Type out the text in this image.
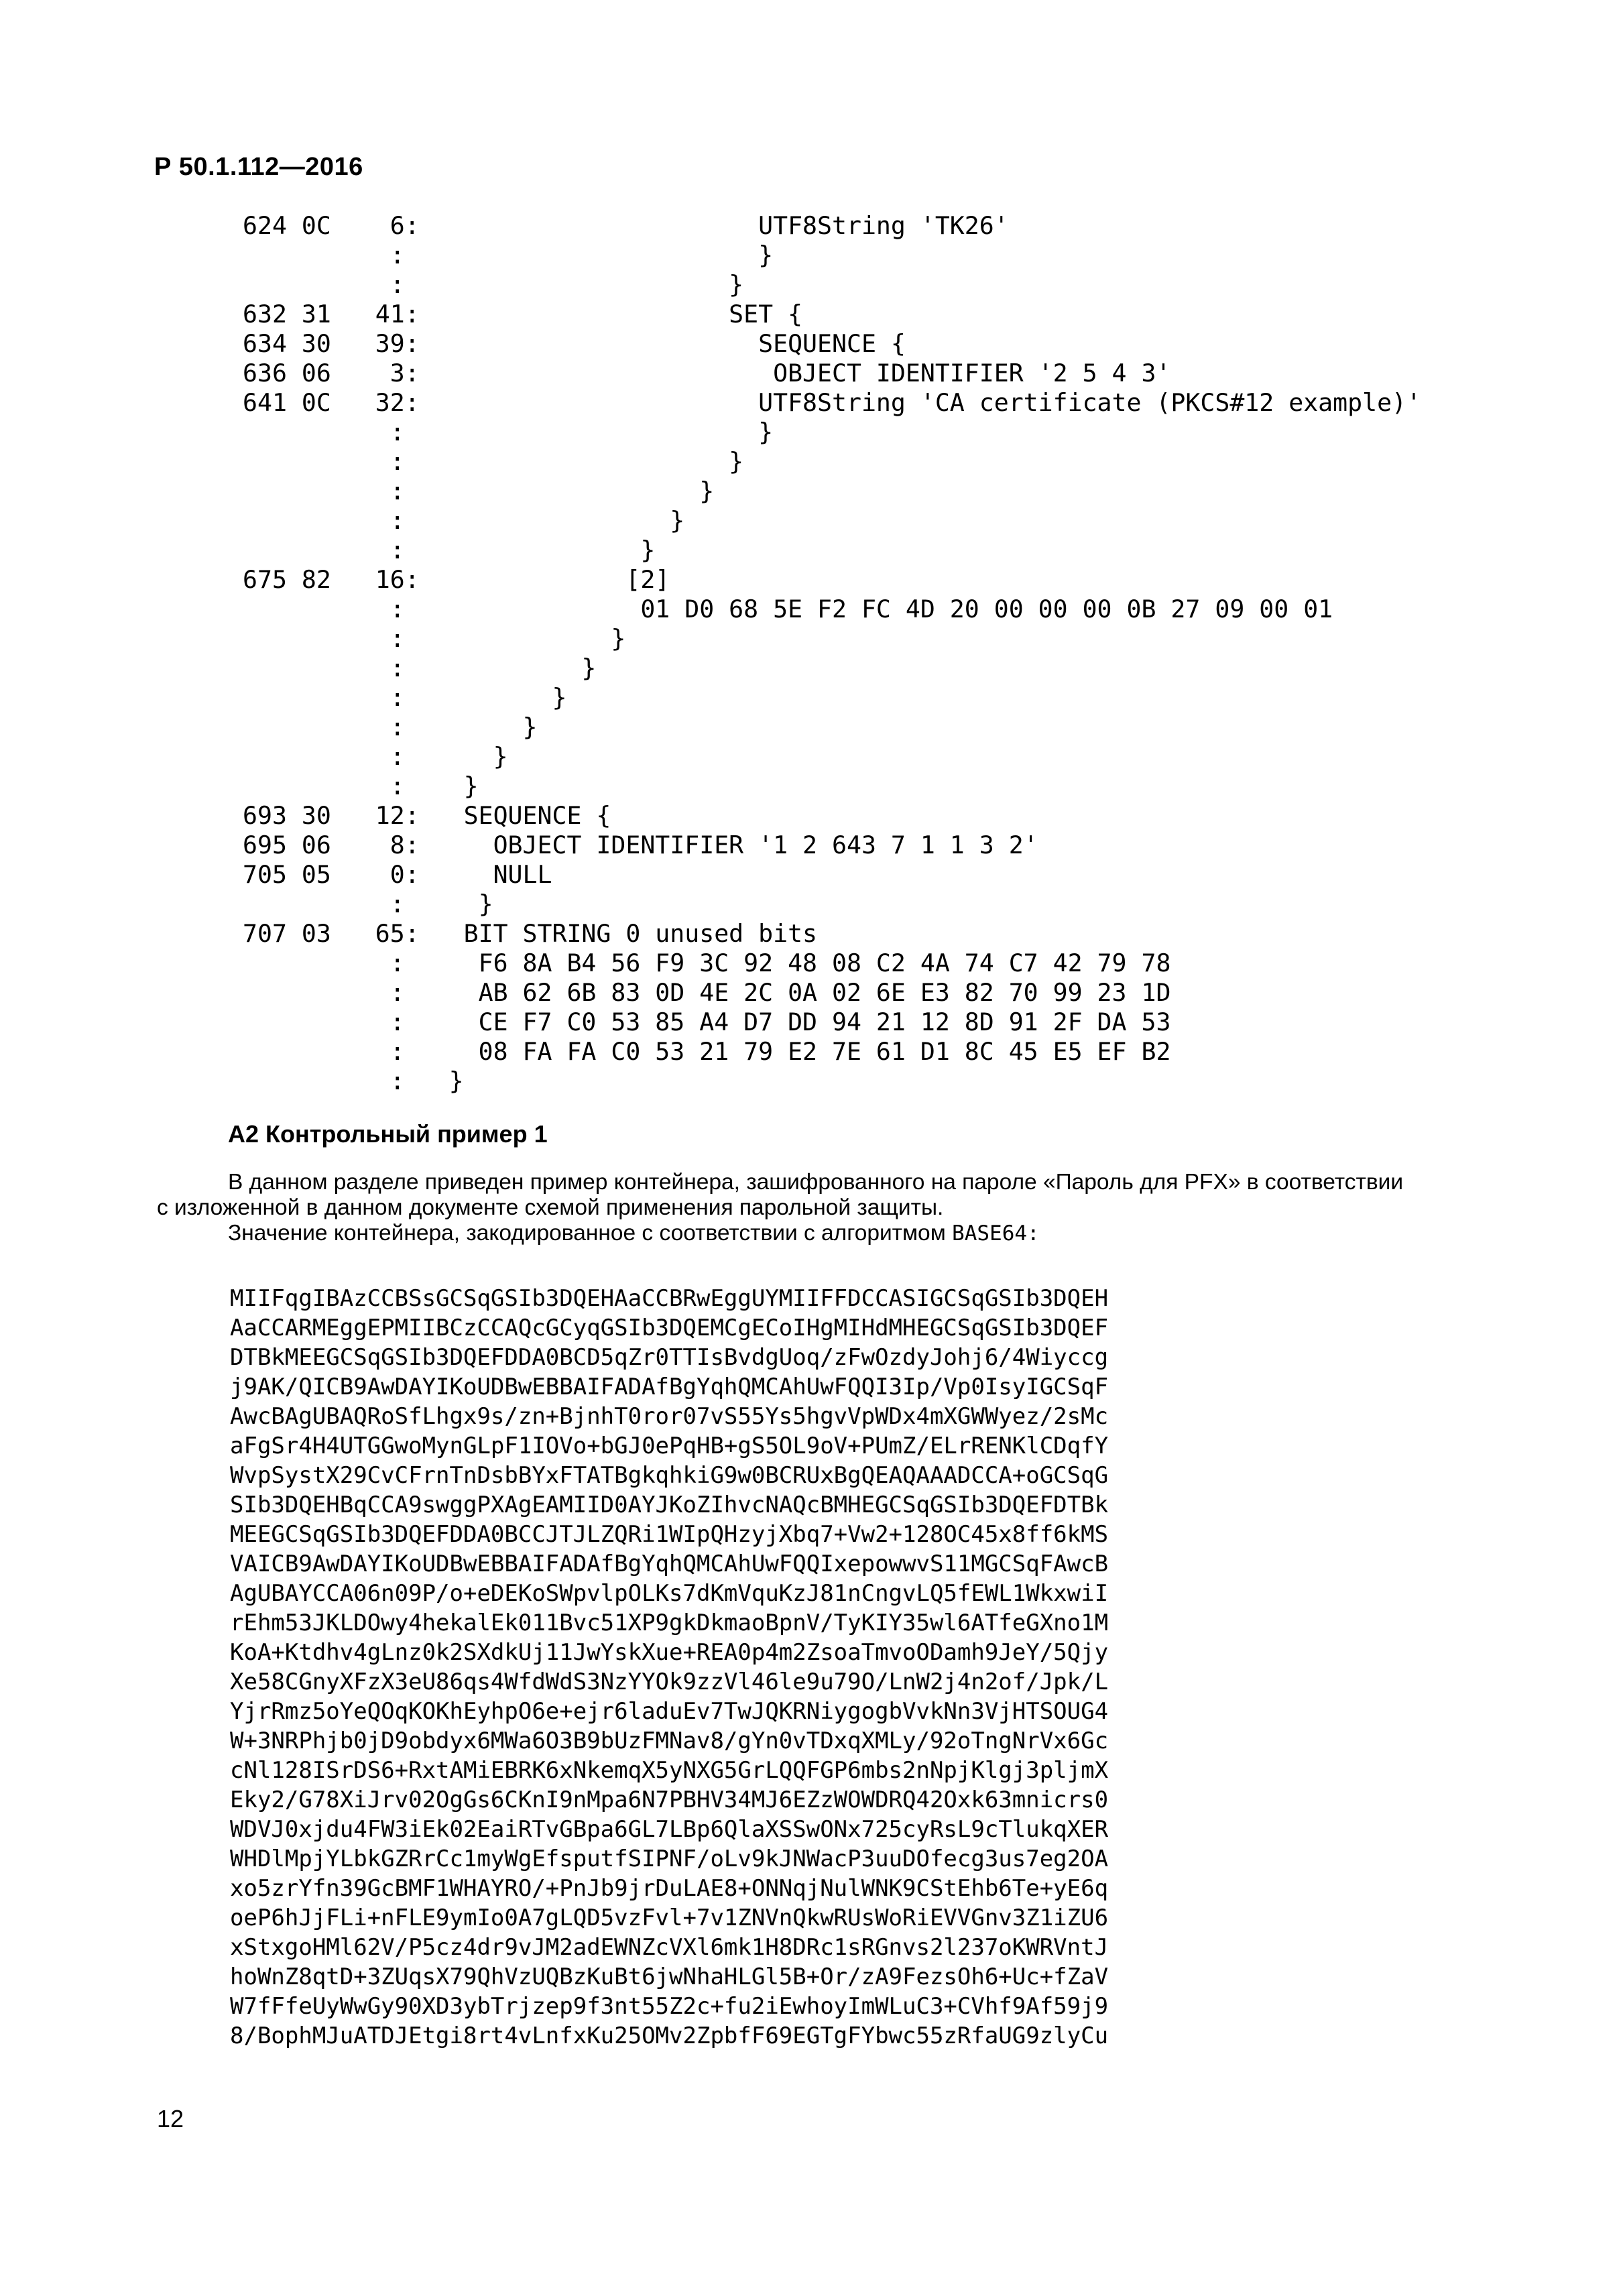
Р 50.1.112—2016
624 0C    6:                       UTF8String 'TK26'
:                        }
:                      }
632 31   41:                     SET {
634 30   39:                       SEQUENCE {
636 06    3:                        OBJECT IDENTIFIER '2 5 4 3'
641 0C   32:                       UTF8String 'CA certificate (PKCS#12 example)'
:                        }
:                      }
:                    }
:                  }
:                }
675 82   16:              [2]
:                01 D0 68 5E F2 FC 4D 20 00 00 00 0B 27 09 00 01
:              }
:            }
:          }
:        }
:      }
:    }
693 30   12:   SEQUENCE {
695 06    8:     OBJECT IDENTIFIER '1 2 643 7 1 1 3 2'
705 05    0:     NULL
:     }
707 03   65:   BIT STRING 0 unused bits
:     F6 8A B4 56 F9 3C 92 48 08 C2 4A 74 C7 42 79 78
:     AB 62 6B 83 0D 4E 2C 0A 02 6E E3 82 70 99 23 1D
:     CE F7 C0 53 85 A4 D7 DD 94 21 12 8D 91 2F DA 53
:     08 FA FA C0 53 21 79 E2 7E 61 D1 8C 45 E5 EF B2
:   }
А2 Контрольный пример 1
В данном разделе приведен пример контейнера, зашифрованного на пароле «Пароль для PFX» в соответствии
с изложенной в данном документе схемой применения парольной защиты.
Значение контейнера, закодированное с соответствии с алгоритмом BASE64:
MIIFqgIBAzCCBSsGCSqGSIb3DQEHAaCCBRwEggUYMIIFFDCCASIGCSqGSIb3DQEH
AaCCARMEggEPMIIBCzCCAQcGCyqGSIb3DQEMCgECoIHgMIHdMHEGCSqGSIb3DQEF
DTBkMEEGCSqGSIb3DQEFDDA0BCD5qZr0TTIsBvdgUoq/zFwOzdyJohj6/4Wiyccg
j9AK/QICB9AwDAYIKoUDBwEBBAIFADAfBgYqhQMCAhUwFQQI3Ip/Vp0IsyIGCSqF
AwcBAgUBAQRoSfLhgx9s/zn+BjnhT0ror07vS55Ys5hgvVpWDx4mXGWWyez/2sMc
aFgSr4H4UTGGwoMynGLpF1IOVo+bGJ0ePqHB+gS5OL9oV+PUmZ/ELrRENKlCDqfY
WvpSystX29CvCFrnTnDsbBYxFTATBgkqhkiG9w0BCRUxBgQEAQAAADCCA+oGCSqG
SIb3DQEHBqCCA9swggPXAgEAMIID0AYJKoZIhvcNAQcBMHEGCSqGSIb3DQEFDTBk
MEEGCSqGSIb3DQEFDDA0BCCJTJLZQRi1WIpQHzyjXbq7+Vw2+128OC45x8ff6kMS
VAICB9AwDAYIKoUDBwEBBAIFADAfBgYqhQMCAhUwFQQIxepowwvS11MGCSqFAwcB
AgUBAYCCA06n09P/o+eDEKoSWpvlpOLKs7dKmVquKzJ81nCngvLQ5fEWL1WkxwiI
rEhm53JKLDOwy4hekalEk011Bvc51XP9gkDkmaoBpnV/TyKIY35wl6ATfeGXno1M
KoA+Ktdhv4gLnz0k2SXdkUj11JwYskXue+REA0p4m2ZsoaTmvoODamh9JeY/5Qjy
Xe58CGnyXFzX3eU86qs4WfdWdS3NzYYOk9zzVl46le9u79O/LnW2j4n2of/Jpk/L
YjrRmz5oYeQOqKOKhEyhpO6e+ejr6laduEv7TwJQKRNiygogbVvkNn3VjHTSOUG4
W+3NRPhjb0jD9obdyx6MWa6O3B9bUzFMNav8/gYn0vTDxqXMLy/92oTngNrVx6Gc
cNl128ISrDS6+RxtAMiEBRK6xNkemqX5yNXG5GrLQQFGP6mbs2nNpjKlgj3pljmX
Eky2/G78XiJrv02OgGs6CKnI9nMpa6N7PBHV34MJ6EZzWOWDRQ42Oxk63mnicrs0
WDVJ0xjdu4FW3iEk02EaiRTvGBpa6GL7LBp6QlaXSSwONx725cyRsL9cTlukqXER
WHDlMpjYLbkGZRrCc1myWgEfsputfSIPNF/oLv9kJNWacP3uuDOfecg3us7eg2OA
xo5zrYfn39GcBMF1WHAYRO/+PnJb9jrDuLAE8+ONNqjNulWNK9CStEhb6Te+yE6q
oeP6hJjFLi+nFLE9ymIo0A7gLQD5vzFvl+7v1ZNVnQkwRUsWoRiEVVGnv3Z1iZU6
xStxgoHMl62V/P5cz4dr9vJM2adEWNZcVXl6mk1H8DRc1sRGnvs2l237oKWRVntJ
hoWnZ8qtD+3ZUqsX79QhVzUQBzKuBt6jwNhaHLGl5B+Or/zA9FezsOh6+Uc+fZaV
W7fFfeUyWwGy90XD3ybTrjzep9f3nt55Z2c+fu2iEwhoyImWLuC3+CVhf9Af59j9
8/BophMJuATDJEtgi8rt4vLnfxKu25OMv2ZpbfF69EGTgFYbwc55zRfaUG9zlyCu
12
